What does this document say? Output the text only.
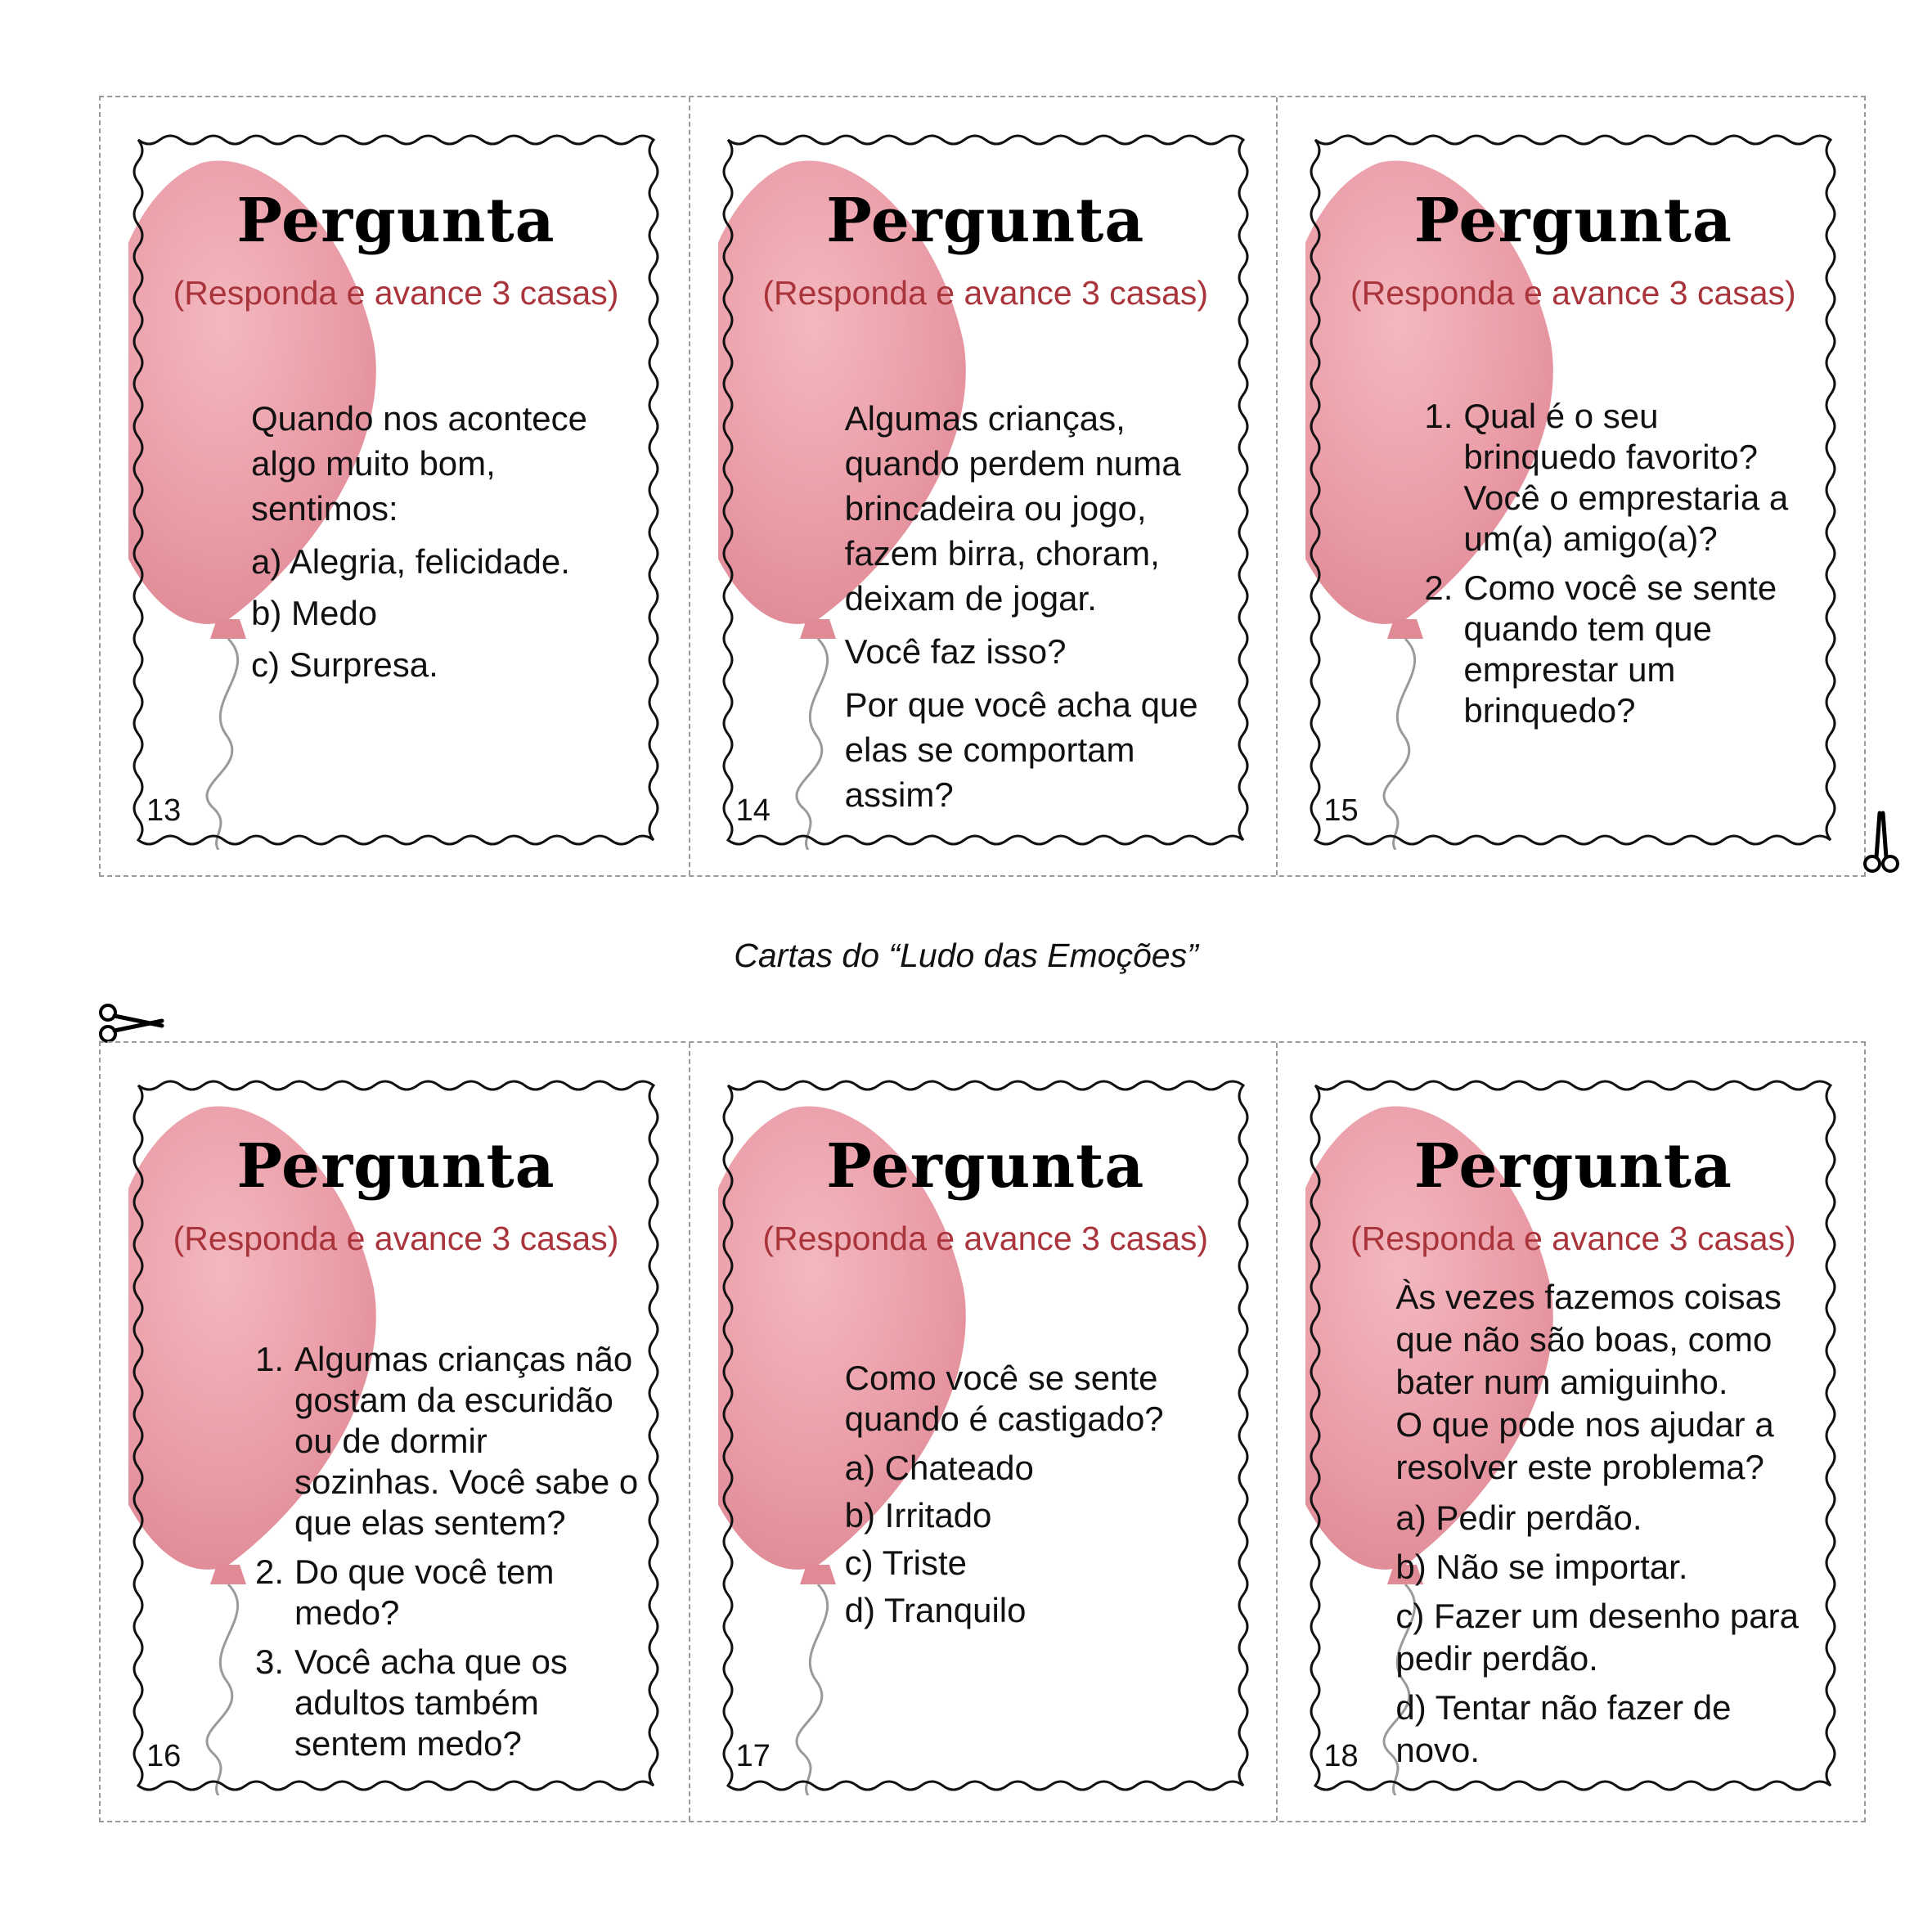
Pergunta
(Responda e avance 3 casas)

Quando nos acontece algo muito bom, sentimos:

a) Alegria, felicidade.
b) Medo
c) Surpresa.
13
Pergunta
(Responda e avance 3 casas)

Algumas crianças, quando perdem numa brincadeira ou jogo, fazem birra, choram, deixam de jogar.

Você faz isso?

Por que você acha que elas se comportam assim?

14
Pergunta
(Responda e avance 3 casas)
1. Qual é o seu brinquedo favorito? Você o emprestaria a um(a) amigo(a)?
2. Como você se sente quando tem que emprestar um brinquedo?
15
Cartas do “Ludo das Emoções”
Pergunta
(Responda e avance 3 casas)
1. Algumas crianças não gostam da escuridão ou de dormir sozinhas. Você sabe o que elas sentem?
2. Do que você tem medo?
3. Você acha que os adultos também sentem medo?
16
Pergunta
(Responda e avance 3 casas)

Como você se sente quando é castigado?

a) Chateado
b) Irritado
c) Triste
d) Tranquilo
17
Pergunta
(Responda e avance 3 casas)

Às vezes fazemos coisas que não são boas, como bater num amiguinho.

O que pode nos ajudar a resolver este problema?

a) Pedir perdão.
b) Não se importar.
c) Fazer um desenho para pedir perdão.
d) Tentar não fazer de novo.
18
